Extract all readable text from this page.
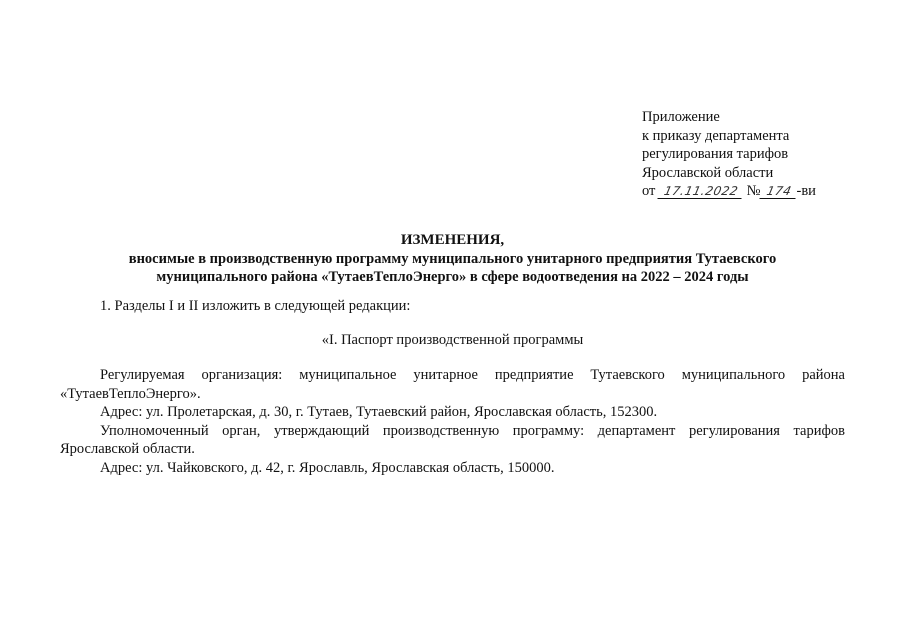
Приложение
к приказу департамента
регулирования тарифов
Ярославской области
от 17.11.2022 № 174 -ви
ИЗМЕНЕНИЯ,
вносимые в производственную программу муниципального унитарного предприятия Тутаевского
муниципального района «ТутаевТеплоЭнерго» в сфере водоотведения на 2022 – 2024 годы
1. Разделы I и II изложить в следующей редакции:
«I. Паспорт производственной программы

Регулируемая организация: муниципальное унитарное предприятие Тутаевского муниципального района «ТутаевТеплоЭнерго».

Адрес: ул. Пролетарская, д. 30, г. Тутаев, Тутаевский район, Ярославская область, 152300.

Уполномоченный орган, утверждающий производственную программу: департамент регулирования тарифов Ярославской области.

Адрес: ул. Чайковского, д. 42, г. Ярославль, Ярославская область, 150000.
